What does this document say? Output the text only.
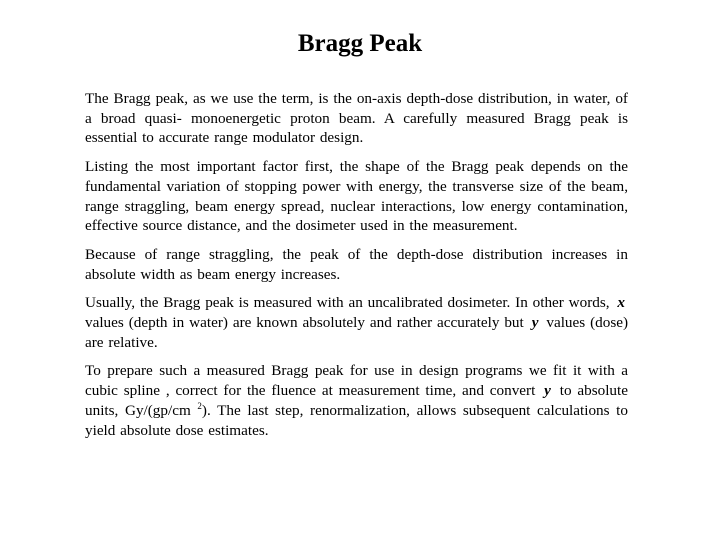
Bragg Peak

The Bragg peak, as we use the term, is the on-axis depth-dose distribution, in water, of a broad quasi- monoenergetic proton beam. A carefully measured Bragg peak is essential to accurate range modulator design.

Listing the most important factor first, the shape of the Bragg peak depends on the fundamental variation of stopping power with energy, the transverse size of the beam, range straggling, beam energy spread, nuclear interactions, low energy contamination, effective source distance, and the dosimeter used in the measurement.

Because of range straggling, the peak of the depth-dose distribution increases in absolute width as beam energy increases.

Usually, the Bragg peak is measured with an uncalibrated dosimeter. In other words, x values (depth in water) are known absolutely and rather accurately but y values (dose) are relative.

To prepare such a measured Bragg peak for use in design programs we fit it with a cubic spline , correct for the fluence at measurement time, and convert y to absolute units, Gy/(gp/cm $^2$). The last step, renormalization, allows subsequent calculations to yield absolute dose estimates.
